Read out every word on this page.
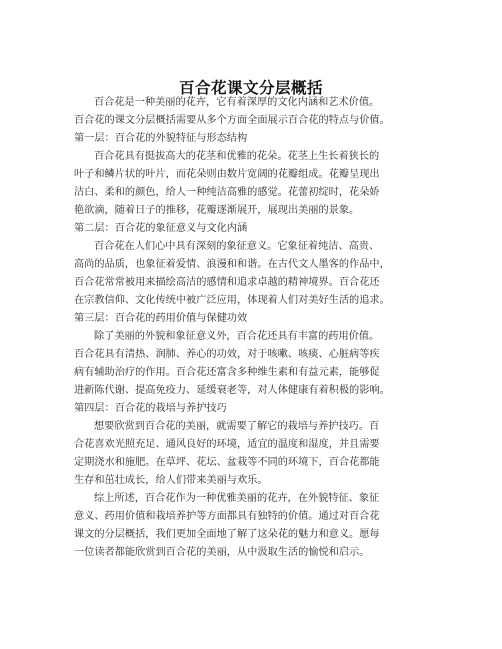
百合花课文分层概括
百合花是一种美丽的花卉，它有着深厚的文化内涵和艺术价值。
百合花的课文分层概括需要从多个方面全面展示百合花的特点与价值。
第一层：百合花的外貌特征与形态结构
百合花具有挺拔高大的花茎和优雅的花朵。花茎上生长着狭长的
叶子和鳞片状的叶片，而花朵则由数片宽阔的花瓣组成。花瓣呈现出
洁白、柔和的颜色，给人一种纯洁高雅的感觉。花蕾初绽时，花朵娇
艳欲滴，随着日子的推移，花瓣逐渐展开，展现出美丽的景象。
第二层：百合花的象征意义与文化内涵
百合花在人们心中具有深刻的象征意义。它象征着纯洁、高贵、
高尚的品质，也象征着爱情、浪漫和和谐。在古代文人墨客的作品中，
百合花常常被用来描绘高洁的感情和追求卓越的精神境界。百合花还
在宗教信仰、文化传统中被广泛应用，体现着人们对美好生活的追求。
第三层：百合花的药用价值与保健功效
除了美丽的外貌和象征意义外，百合花还具有丰富的药用价值。
百合花具有清热、润肺、养心的功效，对于咳嗽、咳痰、心脏病等疾
病有辅助治疗的作用。百合花还富含多种维生素和有益元素，能够促
进新陈代谢、提高免疫力、延缓衰老等，对人体健康有着积极的影响。
第四层：百合花的栽培与养护技巧
想要欣赏到百合花的美丽，就需要了解它的栽培与养护技巧。百
合花喜欢光照充足、通风良好的环境，适宜的温度和湿度，并且需要
定期浇水和施肥。在草坪、花坛、盆栽等不同的环境下，百合花都能
生存和茁壮成长，给人们带来美丽与欢乐。
综上所述，百合花作为一种优雅美丽的花卉，在外貌特征、象征
意义、药用价值和栽培养护等方面都具有独特的价值。通过对百合花
课文的分层概括，我们更加全面地了解了这朵花的魅力和意义。愿每
一位读者都能欣赏到百合花的美丽，从中汲取生活的愉悦和启示。
